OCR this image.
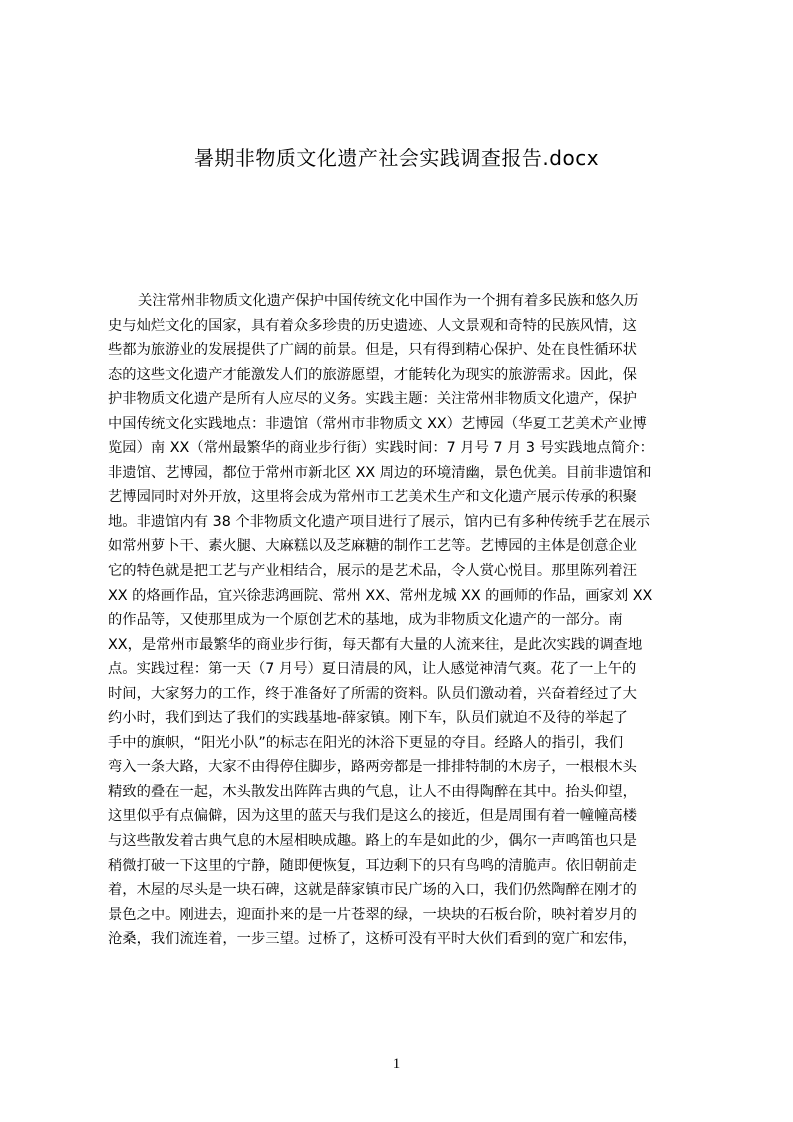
暑期非物质文化遗产社会实践调查报告.docx
关注常州非物质文化遗产保护中国传统文化中国作为一个拥有着多民族和悠久历
史与灿烂文化的国家，具有着众多珍贵的历史遗迹、人文景观和奇特的民族风情，这
些都为旅游业的发展提供了广阔的前景。但是，只有得到精心保护、处在良性循环状
态的这些文化遗产才能激发人们的旅游愿望，才能转化为现实的旅游需求。因此，保
护非物质文化遗产是所有人应尽的义务。实践主题：关注常州非物质文化遗产，保护
中国传统文化实践地点：非遗馆（常州市非物质文 XX）艺博园（华夏工艺美术产业博
览园）南 XX（常州最繁华的商业步行街）实践时间：7 月号 7 月 3 号实践地点简介：
非遗馆、艺博园，都位于常州市新北区 XX 周边的环境清幽，景色优美。目前非遗馆和
艺博园同时对外开放，这里将会成为常州市工艺美术生产和文化遗产展示传承的积聚
地。非遗馆内有 38 个非物质文化遗产项目进行了展示，馆内已有多种传统手艺在展示
如常州萝卜干、素火腿、大麻糕以及芝麻糖的制作工艺等。艺博园的主体是创意企业
它的特色就是把工艺与产业相结合，展示的是艺术品，令人赏心悦目。那里陈列着汪
XX 的烙画作品，宜兴徐悲鸿画院、常州 XX、常州龙城 XX 的画师的作品，画家刘 XX
的作品等，又使那里成为一个原创艺术的基地，成为非物质文化遗产的一部分。南
XX，是常州市最繁华的商业步行街，每天都有大量的人流来往，是此次实践的调查地
点。实践过程：第一天（7 月号）夏日清晨的风，让人感觉神清气爽。花了一上午的
时间，大家努力的工作，终于准备好了所需的资料。队员们激动着，兴奋着经过了大
约小时，我们到达了我们的实践基地-薛家镇。刚下车，队员们就迫不及待的举起了
手中的旗帜，“阳光小队”的标志在阳光的沐浴下更显的夺目。经路人的指引，我们
弯入一条大路，大家不由得停住脚步，路两旁都是一排排特制的木房子，一根根木头
精致的叠在一起，木头散发出阵阵古典的气息，让人不由得陶醉在其中。抬头仰望，
这里似乎有点偏僻，因为这里的蓝天与我们是这么的接近，但是周围有着一幢幢高楼
与这些散发着古典气息的木屋相映成趣。路上的车是如此的少，偶尔一声鸣笛也只是
稍微打破一下这里的宁静，随即便恢复，耳边剩下的只有鸟鸣的清脆声。依旧朝前走
着，木屋的尽头是一块石碑，这就是薛家镇市民广场的入口，我们仍然陶醉在刚才的
景色之中。刚进去，迎面扑来的是一片苍翠的绿，一块块的石板台阶，映衬着岁月的
沧桑，我们流连着，一步三望。过桥了，这桥可没有平时大伙们看到的宽广和宏伟，
1
